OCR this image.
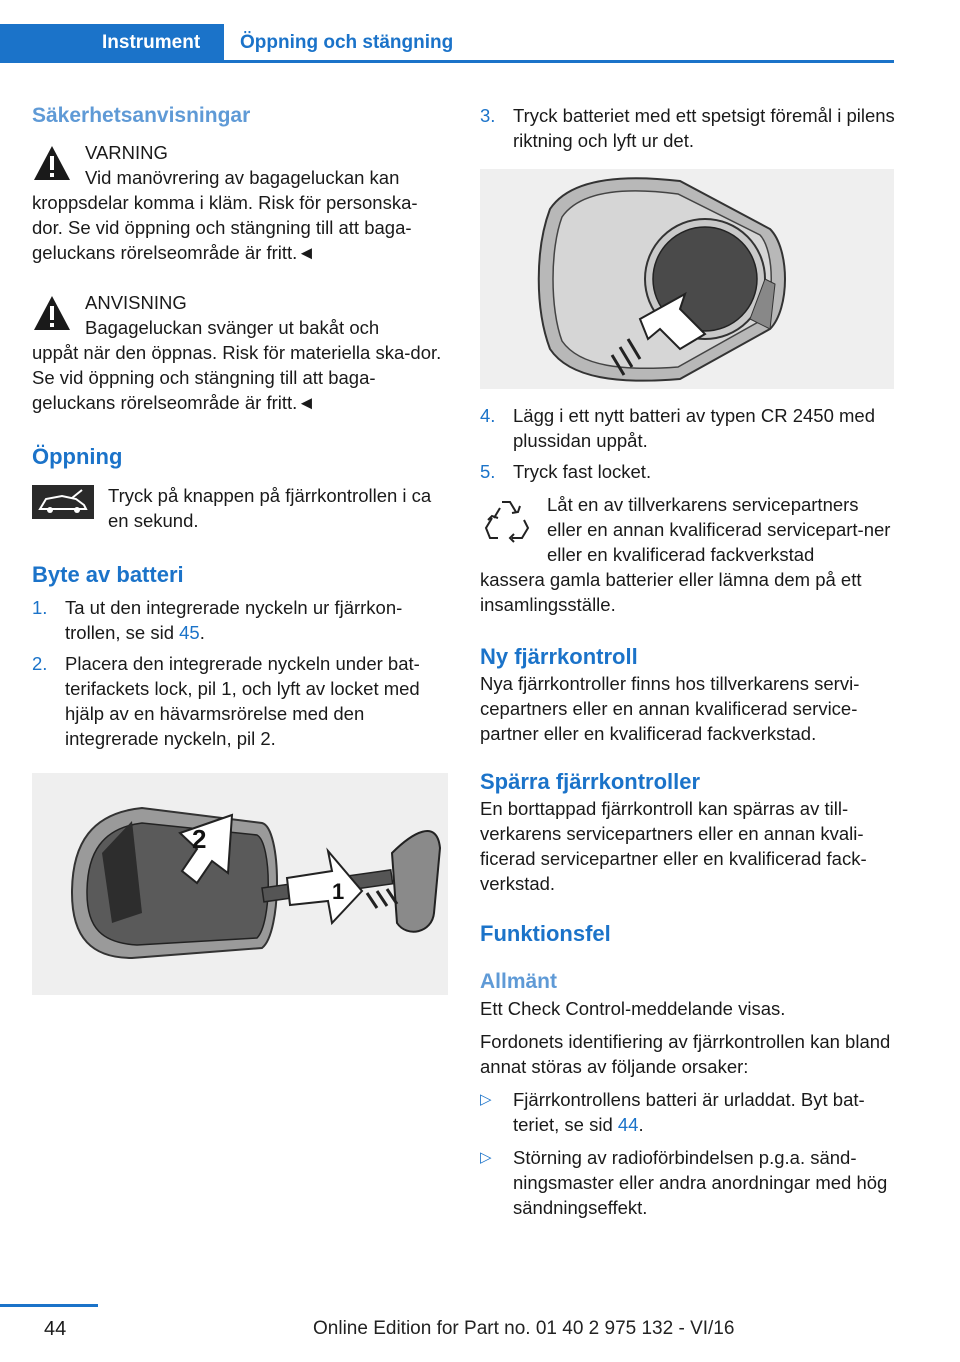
Instrument	Öppning och stängning
Säkerhetsanvisningar
VARNING
Vid manövrering av bagageluckan kan
kroppsdelar komma i kläm. Risk för personska-dor. Se vid öppning och stängning till att baga-geluckans rörelseområde är fritt.◄
ANVISNING
Bagageluckan svänger ut bakåt och
uppåt när den öppnas. Risk för materiella ska-dor. Se vid öppning och stängning till att baga-geluckans rörelseområde är fritt.◄
Öppning
Tryck på knappen på fjärrkontrollen i ca en sekund.
Byte av batteri
1. Ta ut den integrerade nyckeln ur fjärrkon-trollen, se sid 45.
2. Placera den integrerade nyckeln under bat-terifackets lock, pil 1, och lyft av locket med hjälp av en hävarmsrörelse med den integrerade nyckeln, pil 2.
2
1
3. Tryck batteriet med ett spetsigt föremål i pilens riktning och lyft ur det.
4. Lägg i ett nytt batteri av typen CR 2450 med plussidan uppåt.
5. Tryck fast locket.
Låt en av tillverkarens servicepartners eller en annan kvalificerad servicepart-ner eller en kvalificerad fackverkstad
kassera gamla batterier eller lämna dem på ett insamlingsställe.
Ny fjärrkontroll
Nya fjärrkontroller finns hos tillverkarens servi-cepartners eller en annan kvalificerad service-partner eller en kvalificerad fackverkstad.
Spärra fjärrkontroller
En borttappad fjärrkontroll kan spärras av till-verkarens servicepartners eller en annan kvali-ficerad servicepartner eller en kvalificerad fack-verkstad.
Funktionsfel
Allmänt
Ett Check Control-meddelande visas.
Fordonets identifiering av fjärrkontrollen kan bland annat störas av följande orsaker:
▷ Fjärrkontrollens batteri är urladdat. Byt bat-teriet, se sid 44.
▷ Störning av radioförbindelsen p.g.a. sänd-ningsmaster eller andra anordningar med hög sändningseffekt.
44	Online Edition for Part no. 01 40 2 975 132 - VI/16
